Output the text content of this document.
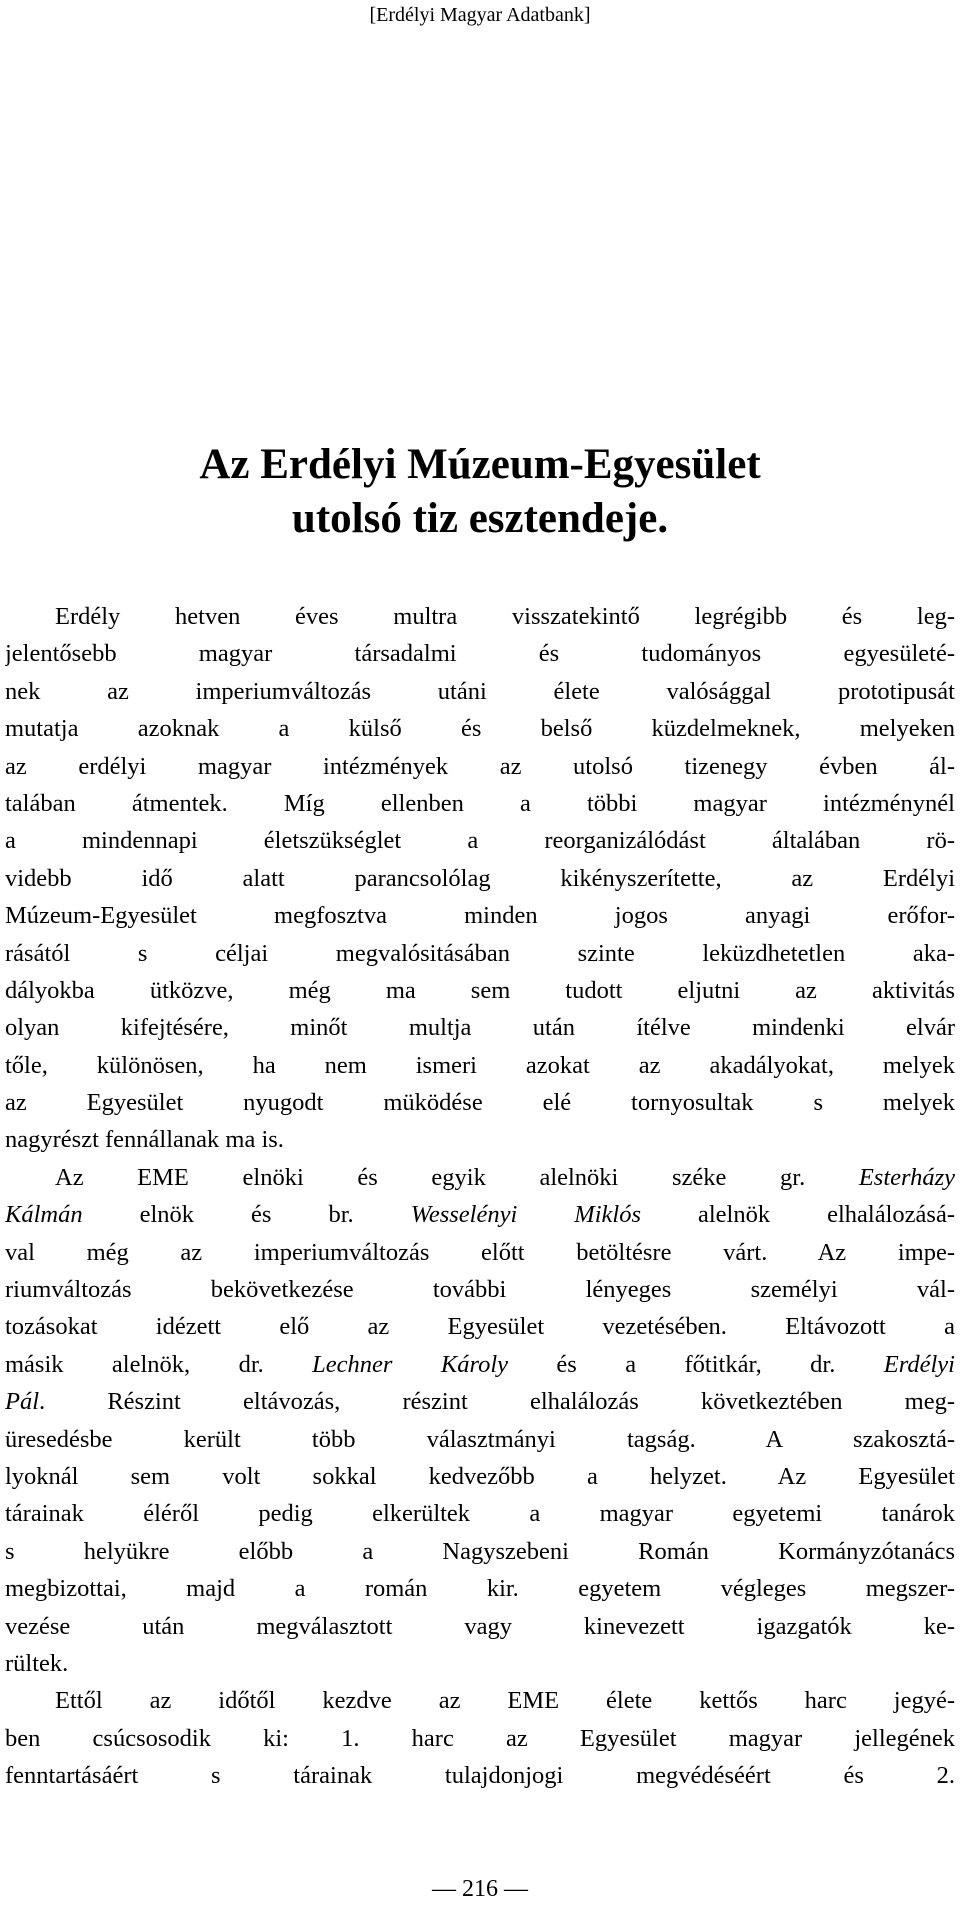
[Erdélyi Magyar Adatbank]
Az Erdélyi Múzeum-Egyesület
utolsó tiz esztendeje.
Erdély hetven éves multra visszatekintő legrégibb és leg-
jelentősebb magyar társadalmi és tudományos egyesületé-
nek az imperiumváltozás utáni élete valósággal prototipusát
mutatja azoknak a külső és belső küzdelmeknek, melyeken
az erdélyi magyar intézmények az utolsó tizenegy évben ál-
talában átmentek. Míg ellenben a többi magyar intézménynél
a mindennapi életszükséglet a reorganizálódást általában rö-
videbb idő alatt parancsolólag kikényszerítette, az Erdélyi
Múzeum-Egyesület megfosztva minden jogos anyagi erőfor-
rásától s céljai megvalósitásában szinte leküzdhetetlen aka-
dályokba ütközve, még ma sem tudott eljutni az aktivitás
olyan kifejtésére, minőt multja után ítélve mindenki elvár
tőle, különösen, ha nem ismeri azokat az akadályokat, melyek
az Egyesület nyugodt müködése elé tornyosultak s melyek
nagyrészt fennállanak ma is.
Az EME elnöki és egyik alelnöki széke gr. Esterházy
Kálmán elnök és br. Wesselényi Miklós alelnök elhalálozásá-
val még az imperiumváltozás előtt betöltésre várt. Az impe-
riumváltozás bekövetkezése további lényeges személyi vál-
tozásokat idézett elő az Egyesület vezetésében. Eltávozott a
másik alelnök, dr. Lechner Károly és a főtitkár, dr. Erdélyi
Pál. Részint eltávozás, részint elhalálozás következtében meg-
üresedésbe került több választmányi tagság. A szakosztá-
lyoknál sem volt sokkal kedvezőbb a helyzet. Az Egyesület
tárainak éléről pedig elkerültek a magyar egyetemi tanárok
s helyükre előbb a Nagyszebeni Román Kormányzótanács
megbizottai, majd a román kir. egyetem végleges megszer-
vezése után megválasztott vagy kinevezett igazgatók ke-
rültek.
Ettől az időtől kezdve az EME élete kettős harc jegyé-
ben csúcsosodik ki: 1. harc az Egyesület magyar jellegének
fenntartásáért s tárainak tulajdonjogi megvédéséért és 2.
— 216 —
